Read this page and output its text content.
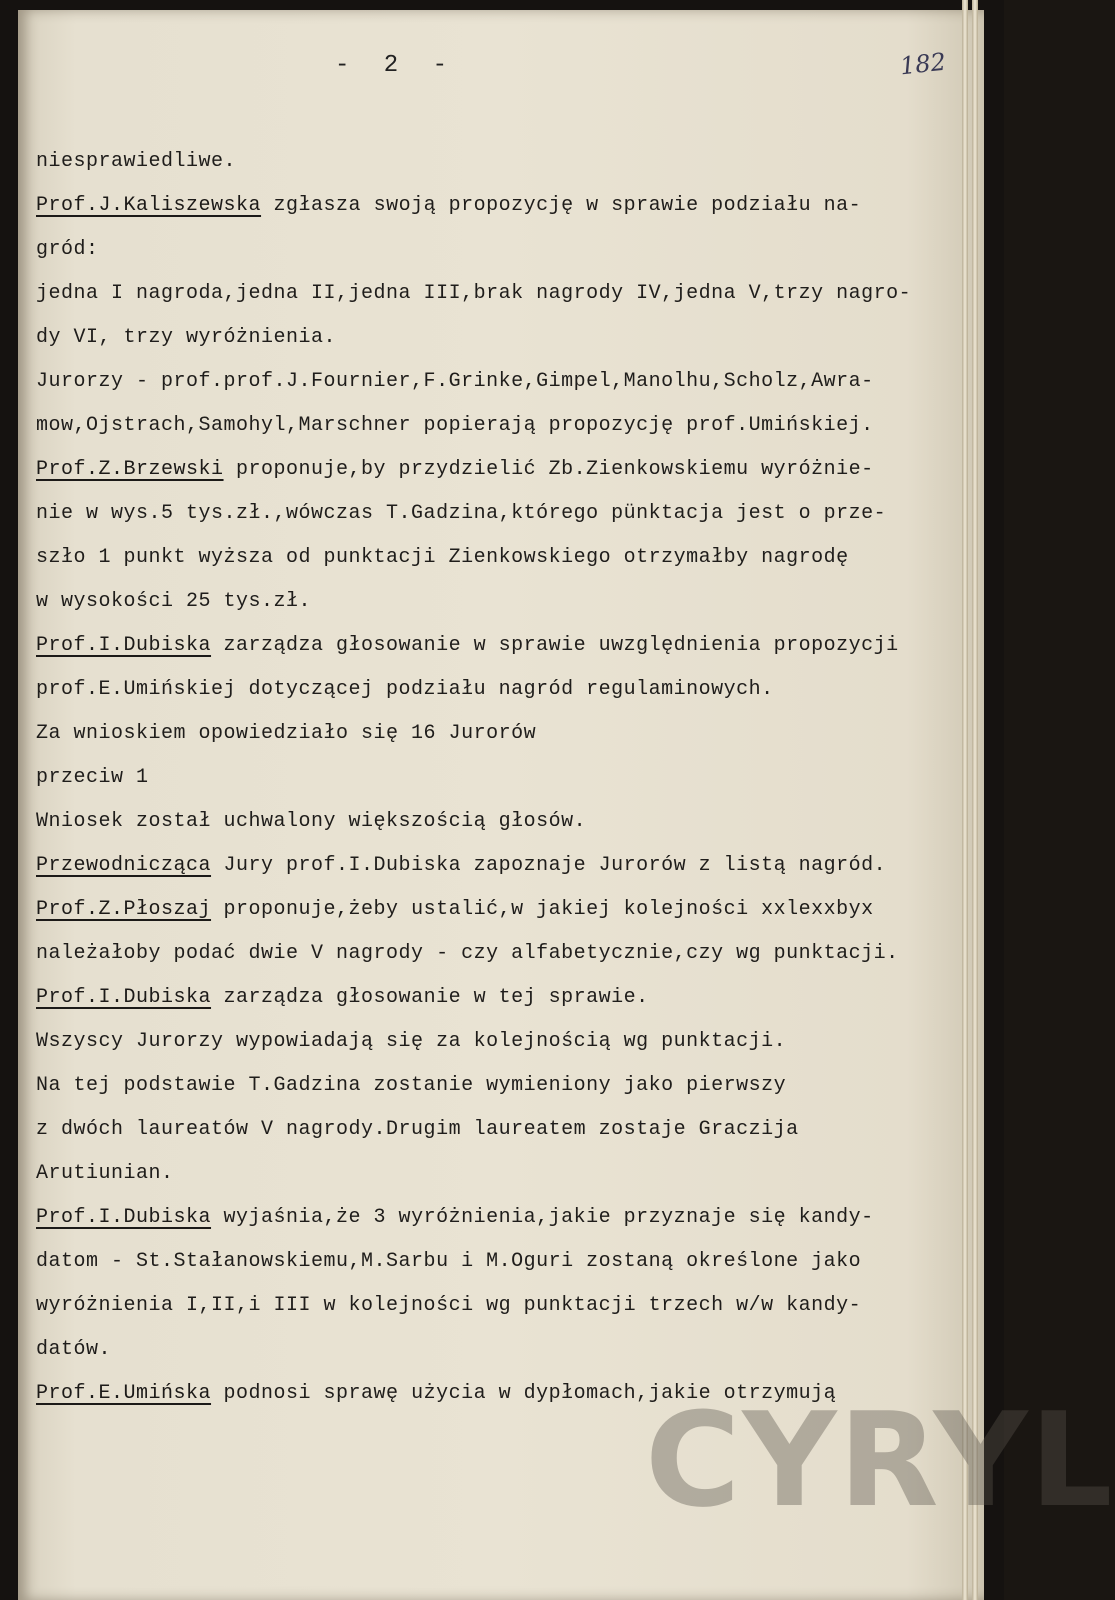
- 2 -	182
niesprawiedliwe.
Prof.J.Kaliszewska zgłasza swoją propozycję w sprawie podziału na-
gród:
jedna I nagroda,jedna II,jedna III,brak nagrody IV,jedna V,trzy nagro-
dy VI, trzy wyróżnienia.
Jurorzy - prof.prof.J.Fournier,F.Grinke,Gimpel,Manolhu,Scholz,Awra-
mow,Ojstrach,Samohyl,Marschner popierają propozycję prof.Umińskiej.
Prof.Z.Brzewski proponuje,by przydzielić Zb.Zienkowskiemu wyróżnie-
nie w wys.5 tys.zł.,wówczas T.Gadzina,którego pünktacja jest o prze-
szło 1 punkt wyższa od punktacji Zienkowskiego otrzymałby nagrodę
w wysokości 25 tys.zł.
Prof.I.Dubiska zarządza głosowanie w sprawie uwzględnienia propozycji
prof.E.Umińskiej dotyczącej podziału nagród regulaminowych.
Za wnioskiem opowiedziało się 16 Jurorów
przeciw 1
Wniosek został uchwalony większością głosów.
Przewodnicząca Jury prof.I.Dubiska zapoznaje Jurorów z listą nagród.
Prof.Z.Płoszaj proponuje,żeby ustalić,w jakiej kolejności xxlexxbyx
należałoby podać dwie V nagrody - czy alfabetycznie,czy wg punktacji.
Prof.I.Dubiska zarządza głosowanie w tej sprawie.
Wszyscy Jurorzy wypowiadają się za kolejnością wg punktacji.
Na tej podstawie T.Gadzina zostanie wymieniony jako pierwszy
z dwóch laureatów V nagrody.Drugim laureatem zostaje Graczija
Arutiunian.
Prof.I.Dubiska wyjaśnia,że 3 wyróżnienia,jakie przyznaje się kandy-
datom - St.Stałanowskiemu,M.Sarbu i M.Oguri zostaną określone jako
wyróżnienia I,II,i III w kolejności wg punktacji trzech w/w kandy-
datów.
Prof.E.Umińska podnosi sprawę użycia w dypłomach,jakie otrzymują
CYRYL
